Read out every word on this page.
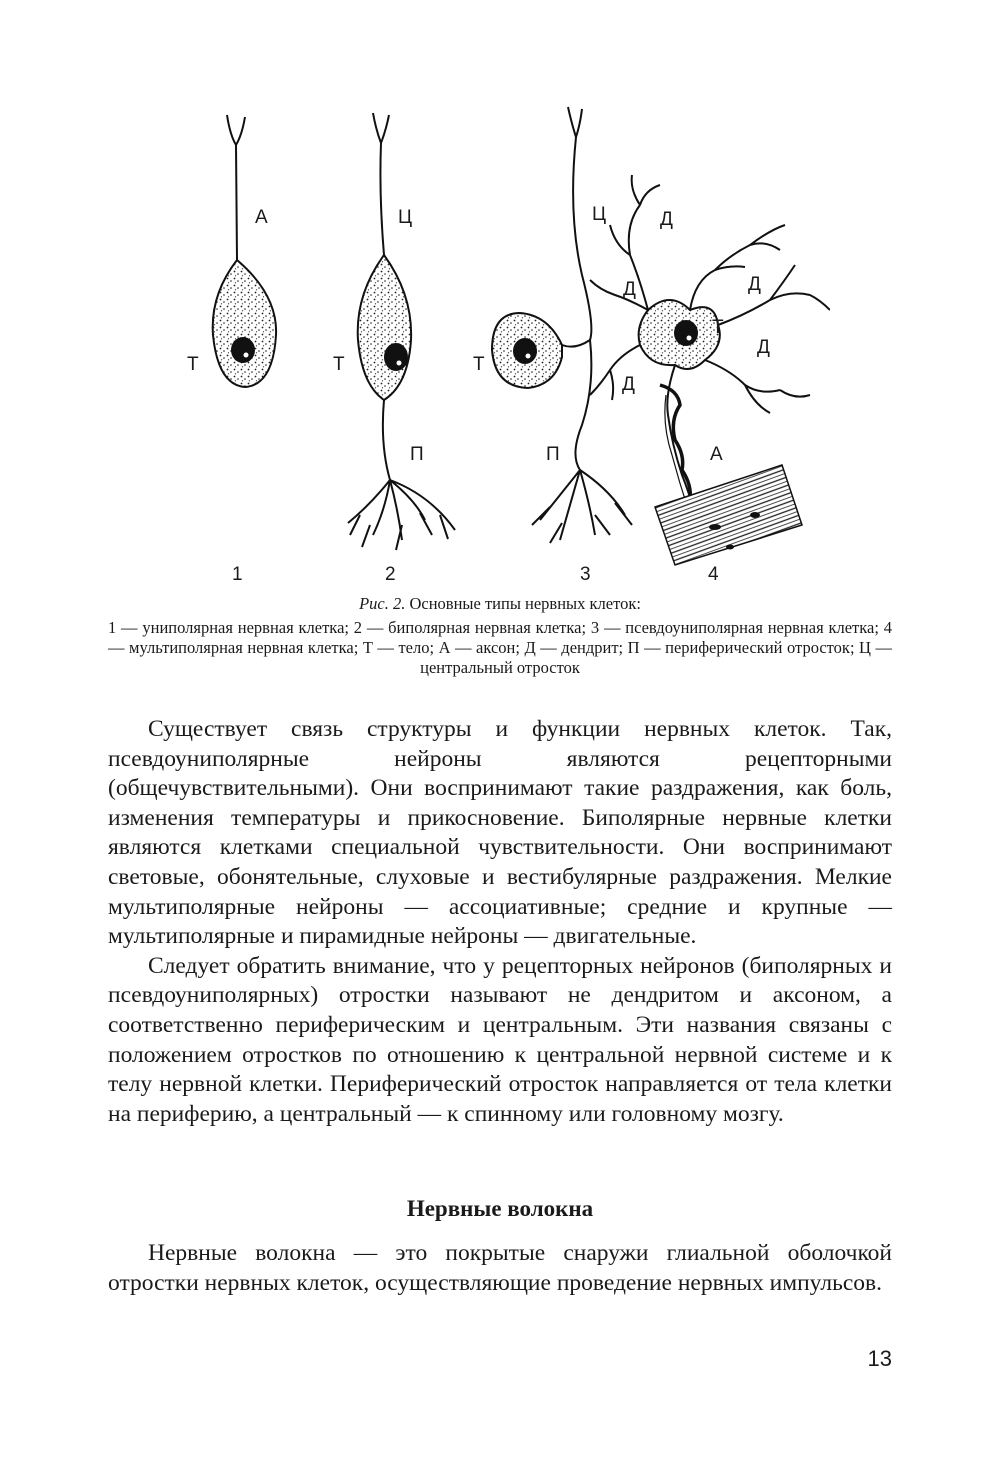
А
Т
Ц
Т
П
Ц
Т
П
Д
Д	Д
Д
Д
Т
А
1	2	3	4
Рис. 2. Основные типы нервных клеток:
1 — униполярная нервная клетка; 2 — биполярная нервная клетка; 3 — псевдоуниполярная нервная клетка; 4 — мультиполярная нервная клетка; Т — тело; А — аксон; Д — дендрит; П — периферический отросток; Ц — центральный отросток

Существует связь структуры и функции нервных клеток. Так, псевдоуниполярные нейроны являются рецепторными (общечувствительными). Они воспринимают такие раздражения, как боль, изменения температуры и прикосновение. Биполярные нервные клетки являются клетками специальной чувствительности. Они воспринимают световые, обонятельные, слуховые и вестибулярные раздражения. Мелкие мультиполярные нейроны — ассоциативные; средние и крупные — мультиполярные и пирамидные нейроны — двигательные.

Следует обратить внимание, что у рецепторных нейронов (биполярных и псевдоуниполярных) отростки называют не дендритом и аксоном, а соответственно периферическим и центральным. Эти названия связаны с положением отростков по отношению к центральной нервной системе и к телу нервной клетки. Периферический отросток направляется от тела клетки на периферию, а центральный — к спинному или головному мозгу.

Нервные волокна

Нервные волокна — это покрытые снаружи глиальной оболочкой отростки нервных клеток, осуществляющие проведение нервных импульсов.

13
